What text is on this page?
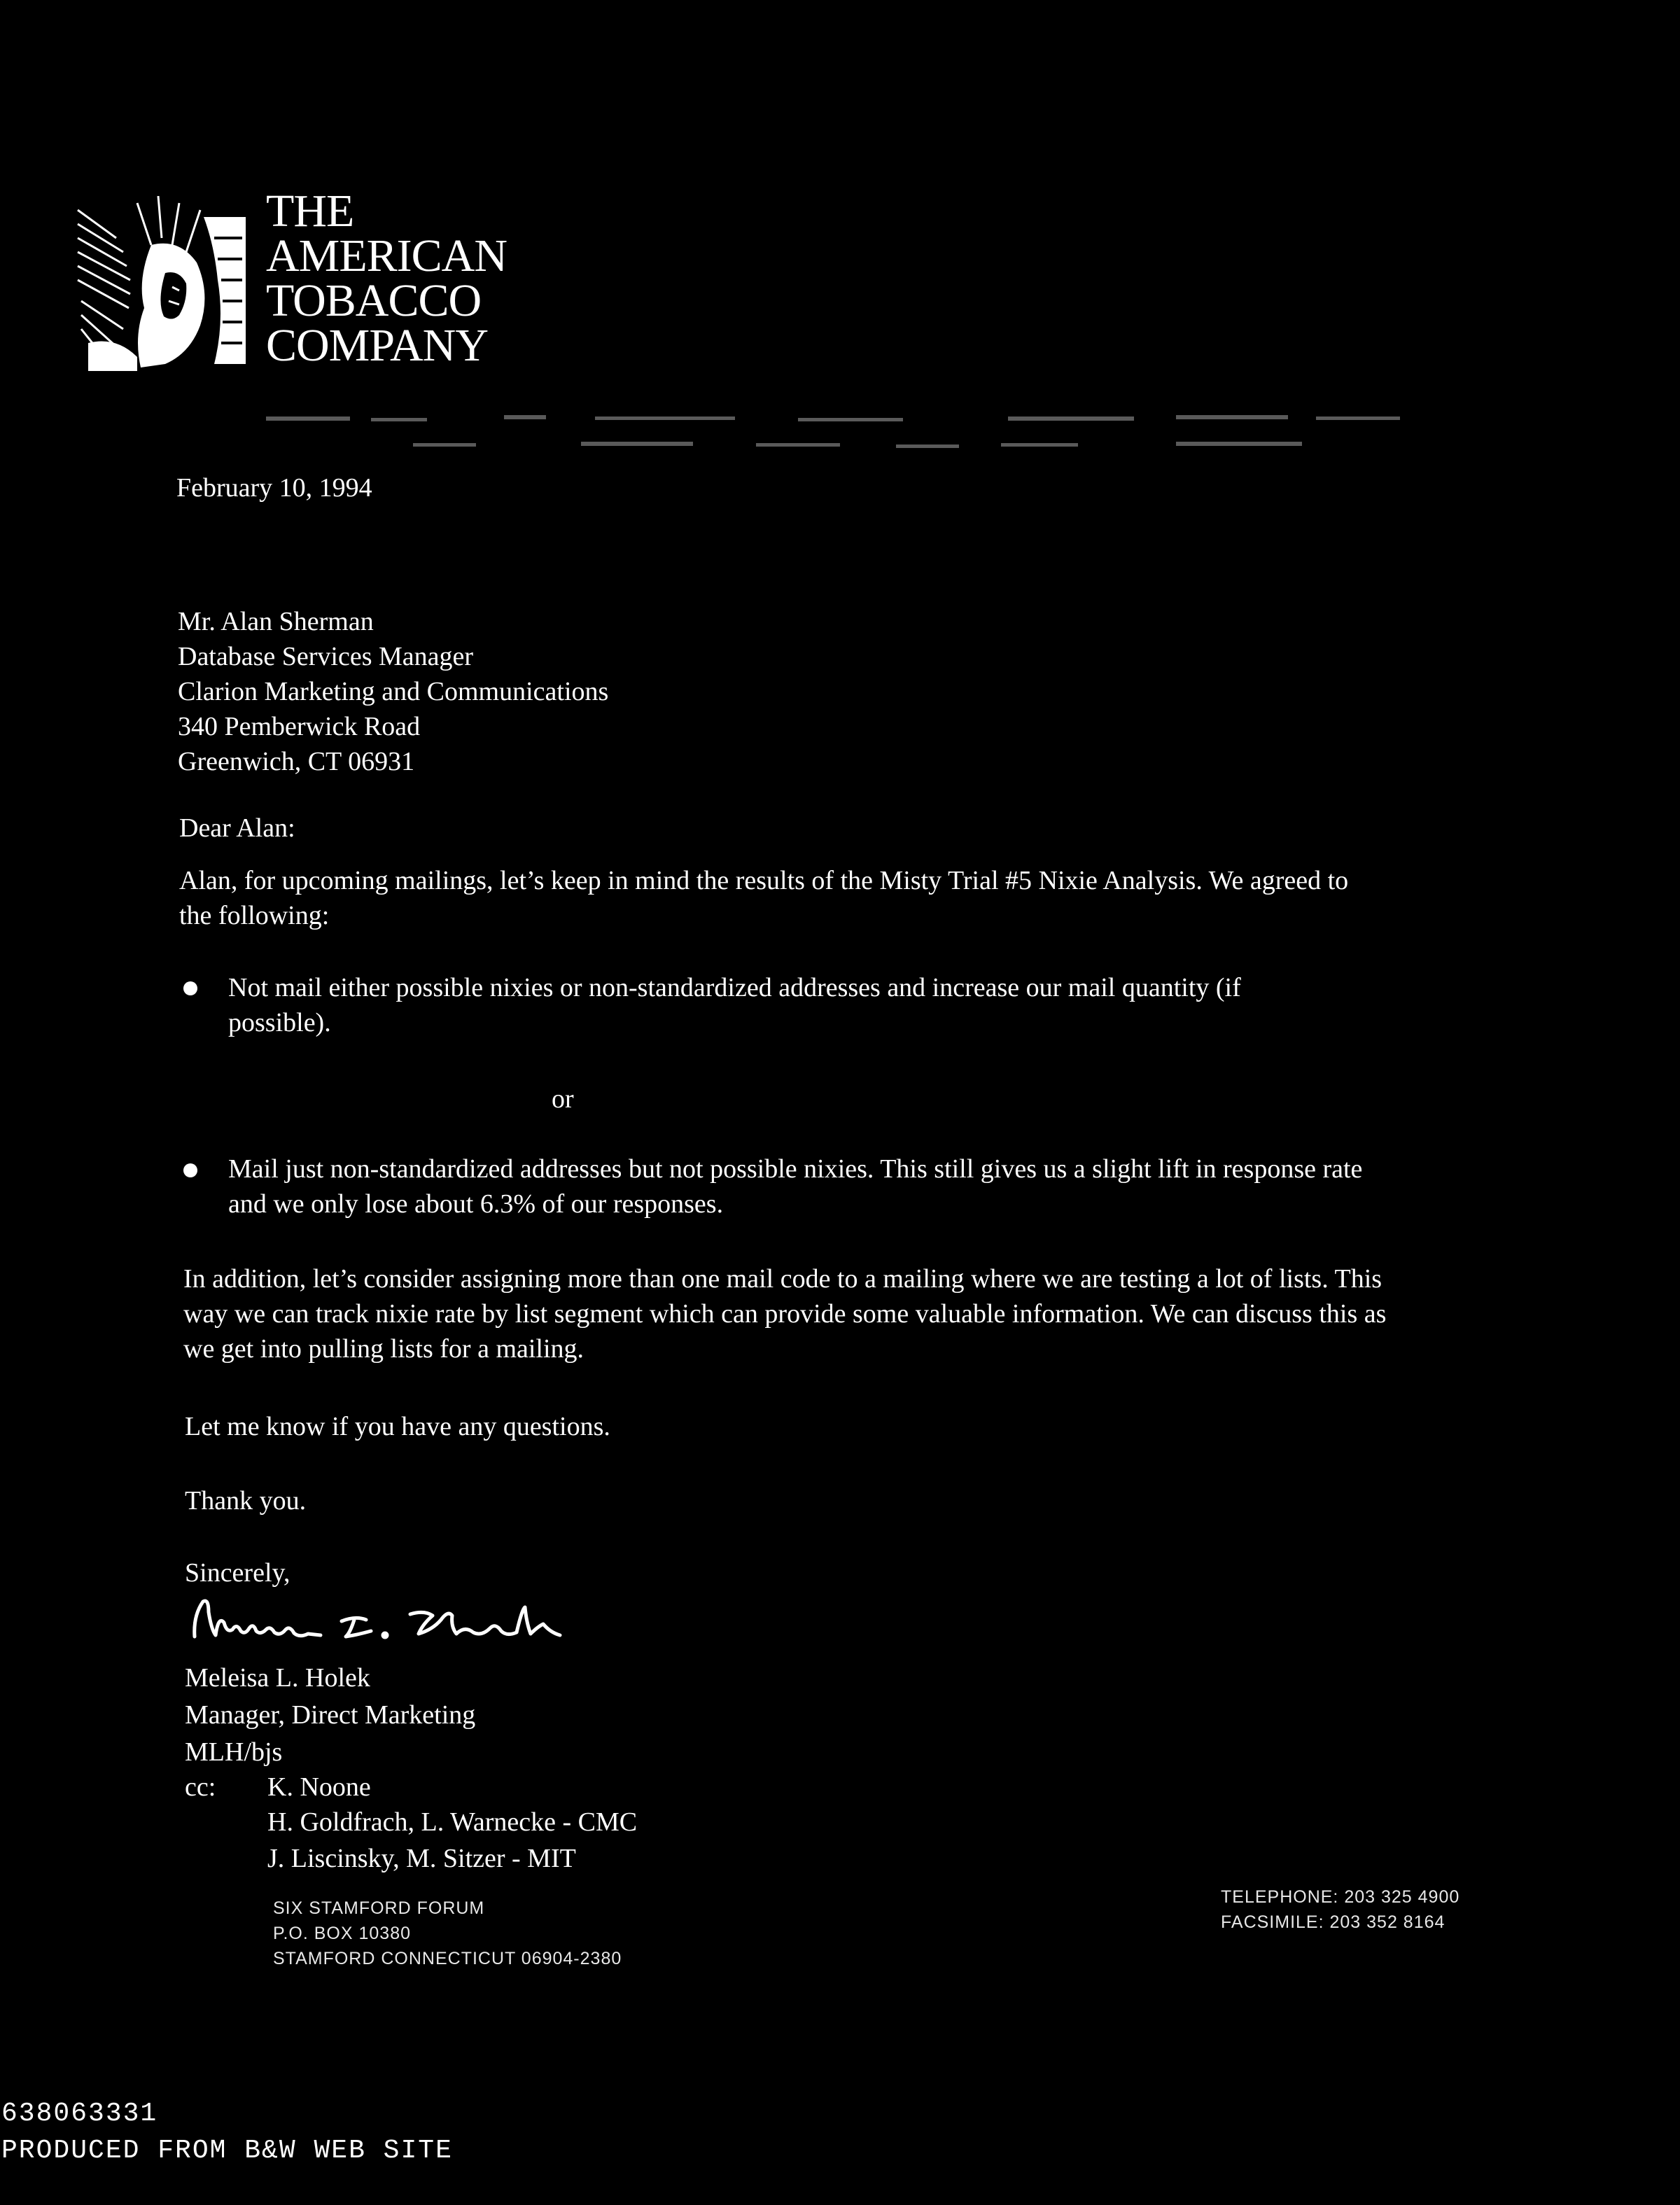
THE
AMERICAN
TOBACCO
COMPANY
February 10, 1994
Mr. Alan Sherman
Database Services Manager
Clarion Marketing and Communications
340 Pemberwick Road
Greenwich, CT 06931
Dear Alan:
Alan, for upcoming mailings, let’s keep in mind the results of the Misty Trial #5 Nixie Analysis. We agreed to the following:
Not mail either possible nixies or non-standardized addresses and increase our mail quantity (if possible).
or
Mail just non-standardized addresses but not possible nixies. This still gives us a slight lift in response rate and we only lose about 6.3% of our responses.
In addition, let’s consider assigning more than one mail code to a mailing where we are testing a lot of lists. This way we can track nixie rate by list segment which can provide some valuable information. We can discuss this as we get into pulling lists for a mailing.
Let me know if you have any questions.
Thank you.
Sincerely,
Meleisa L. Holek
Manager, Direct Marketing
MLH/bjs
cc: K. Noone
H. Goldfrach, L. Warnecke - CMC
J. Liscinsky, M. Sitzer - MIT
SIX STAMFORD FORUM
P.O. BOX 10380
STAMFORD CONNECTICUT 06904-2380
TELEPHONE: 203 325 4900
FACSIMILE: 203 352 8164
638063331
PRODUCED FROM B&W WEB SITE
